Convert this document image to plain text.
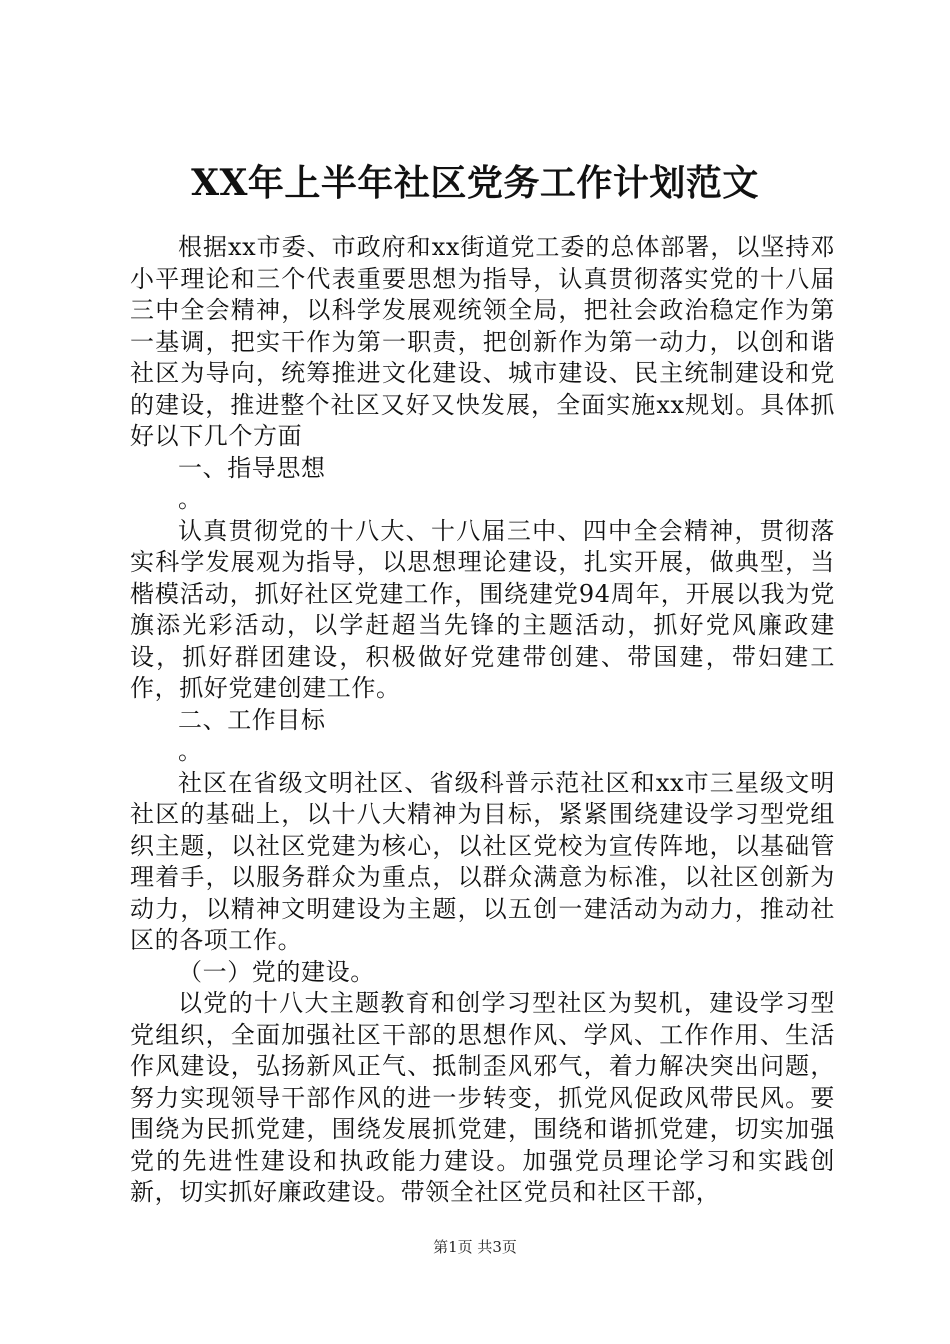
XX年上半年社区党务工作计划范文

根据xx市委、市政府和xx街道党工委的总体部署，以坚持邓小平理论和三个代表重要思想为指导，认真贯彻落实党的十八届三中全会精神，以科学发展观统领全局，把社会政治稳定作为第一基调，把实干作为第一职责，把创新作为第一动力，以创和谐社区为导向，统筹推进文化建设、城市建设、民主统制建设和党的建设，推进整个社区又好又快发展，全面实施xx规划。具体抓好以下几个方面

一、指导思想

。

认真贯彻党的十八大、十八届三中、四中全会精神，贯彻落实科学发展观为指导，以思想理论建设，扎实开展，做典型，当楷模活动，抓好社区党建工作，围绕建党94周年，开展以我为党旗添光彩活动，以学赶超当先锋的主题活动，抓好党风廉政建设，抓好群团建设，积极做好党建带创建、带国建，带妇建工作，抓好党建创建工作。

二、工作目标

。

社区在省级文明社区、省级科普示范社区和xx市三星级文明社区的基础上，以十八大精神为目标，紧紧围绕建设学习型党组织主题，以社区党建为核心，以社区党校为宣传阵地，以基础管理着手，以服务群众为重点，以群众满意为标准，以社区创新为动力，以精神文明建设为主题，以五创一建活动为动力，推动社区的各项工作。

（一）党的建设。

以党的十八大主题教育和创学习型社区为契机，建设学习型党组织，全面加强社区干部的思想作风、学风、工作作用、生活作风建设，弘扬新风正气、抵制歪风邪气，着力解决突出问题，努力实现领导干部作风的进一步转变，抓党风促政风带民风。要围绕为民抓党建，围绕发展抓党建，围绕和谐抓党建，切实加强党的先进性建设和执政能力建设。加强党员理论学习和实践创新，切实抓好廉政建设。带领全社区党员和社区干部，

第1页 共3页
